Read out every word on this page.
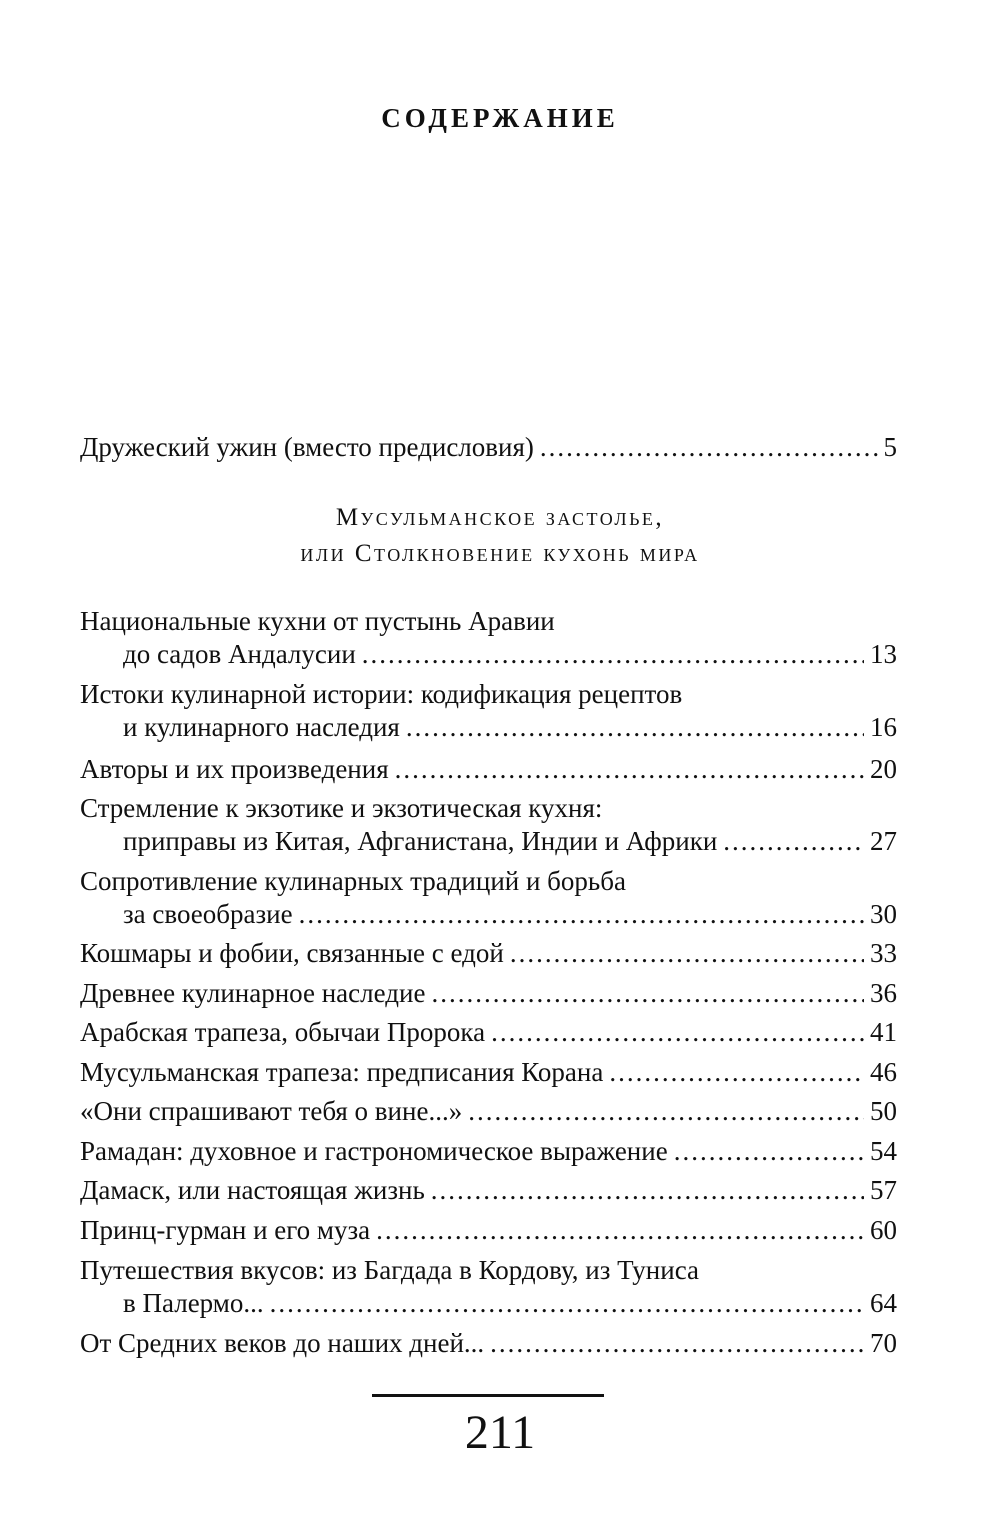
СОДЕРЖАНИЕ
Дружеский ужин (вместо предисловия) .....	5
Мусульманское застолье,
или Столкновение кухонь мира
Национальные кухни от пустынь Аравии
до садов Андалусии .....	13
Истоки кулинарной истории: кодификация рецептов
и кулинарного наследия .....	16
Авторы и их произведения .....	20
Стремление к экзотике и экзотическая кухня:
приправы из Китая, Афганистана, Индии и Африки .....	27
Сопротивление кулинарных традиций и борьба
за своеобразие .....	30
Кошмары и фобии, связанные с едой .....	33
Древнее кулинарное наследие .....	36
Арабская трапеза, обычаи Пророка .....	41
Мусульманская трапеза: предписания Корана .....	46
«Они спрашивают тебя о вине...» .....	50
Рамадан: духовное и гастрономическое выражение .....	54
Дамаск, или настоящая жизнь .....	57
Принц-гурман и его муза .....	60
Путешествия вкусов: из Багдада в Кордову, из Туниса
в Палермо... .....	64
От Средних веков до наших дней... .....	70
211
